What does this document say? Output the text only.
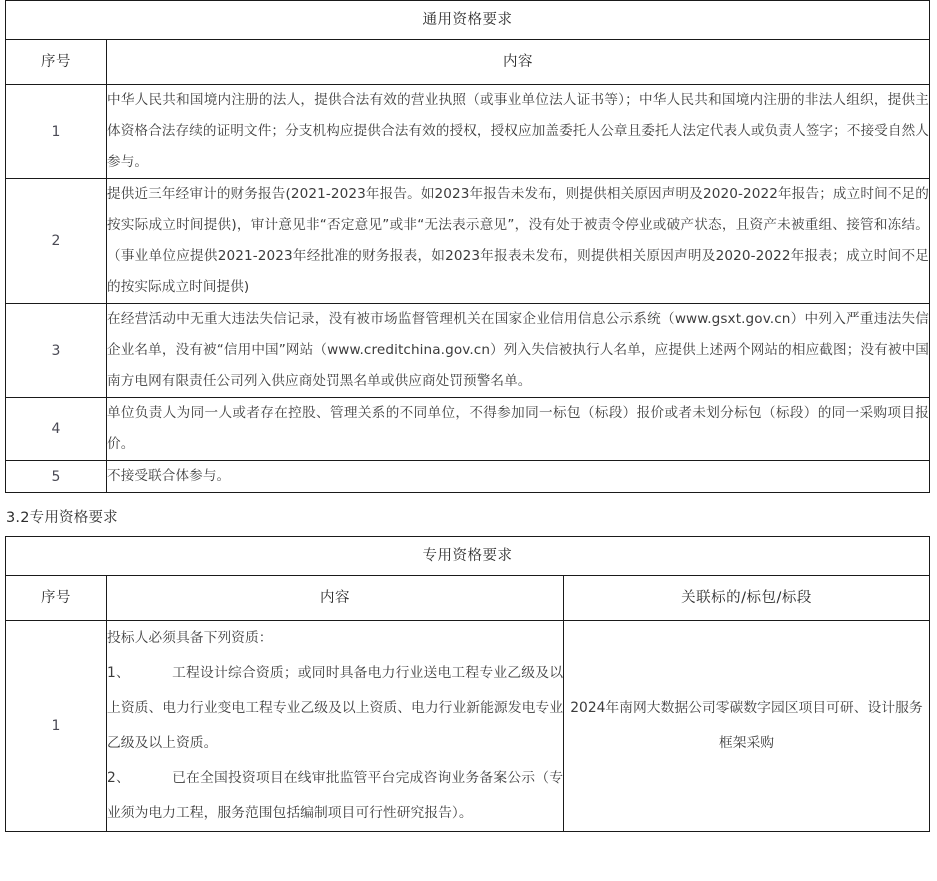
通用资格要求	
序号	内容
1	中华人民共和国境内注册的法人，提供合法有效的营业执照（或事业单位法人证书等）；中华人民共和国境内注册的非法人组织，提供主体资格合法存续的证明文件；分支机构应提供合法有效的授权，授权应加盖委托人公章且委托人法定代表人或负责人签字；不接受自然人参与。
2	提供近三年经审计的财务报告(2021-2023年报告。如2023年报告未发布，则提供相关原因声明及2020-2022年报告；成立时间不足的按实际成立时间提供)，审计意见非“否定意见”或非“无法表示意见”，没有处于被责令停业或破产状态，且资产未被重组、接管和冻结。（事业单位应提供2021-2023年经批准的财务报表，如2023年报表未发布，则提供相关原因声明及2020-2022年报表；成立时间不足的按实际成立时间提供)
3	在经营活动中无重大违法失信记录，没有被市场监督管理机关在国家企业信用信息公示系统（www.gsxt.gov.cn）中列入严重违法失信企业名单，没有被“信用中国”网站（www.creditchina.gov.cn）列入失信被执行人名单，应提供上述两个网站的相应截图；没有被中国南方电网有限责任公司列入供应商处罚黑名单或供应商处罚预警名单。
4	单位负责人为同一人或者存在控股、管理关系的不同单位，不得参加同一标包（标段）报价或者未划分标包（标段）的同一采购项目报价。
5	不接受联合体参与。
3.2专用资格要求
专用资格要求		
序号	内容	关联标的/标包/标段
1	投标人必须具备下列资质：

1、 工程设计综合资质；或同时具备电力行业送电工程专业乙级及以上资质、电力行业变电工程专业乙级及以上资质、电力行业新能源发电专业乙级及以上资质。

2、 已在全国投资项目在线审批监管平台完成咨询业务备案公示（专业须为电力工程，服务范围包括编制项目可行性研究报告）。	2024年南网大数据公司零碳数字园区项目可研、设计服务框架采购
